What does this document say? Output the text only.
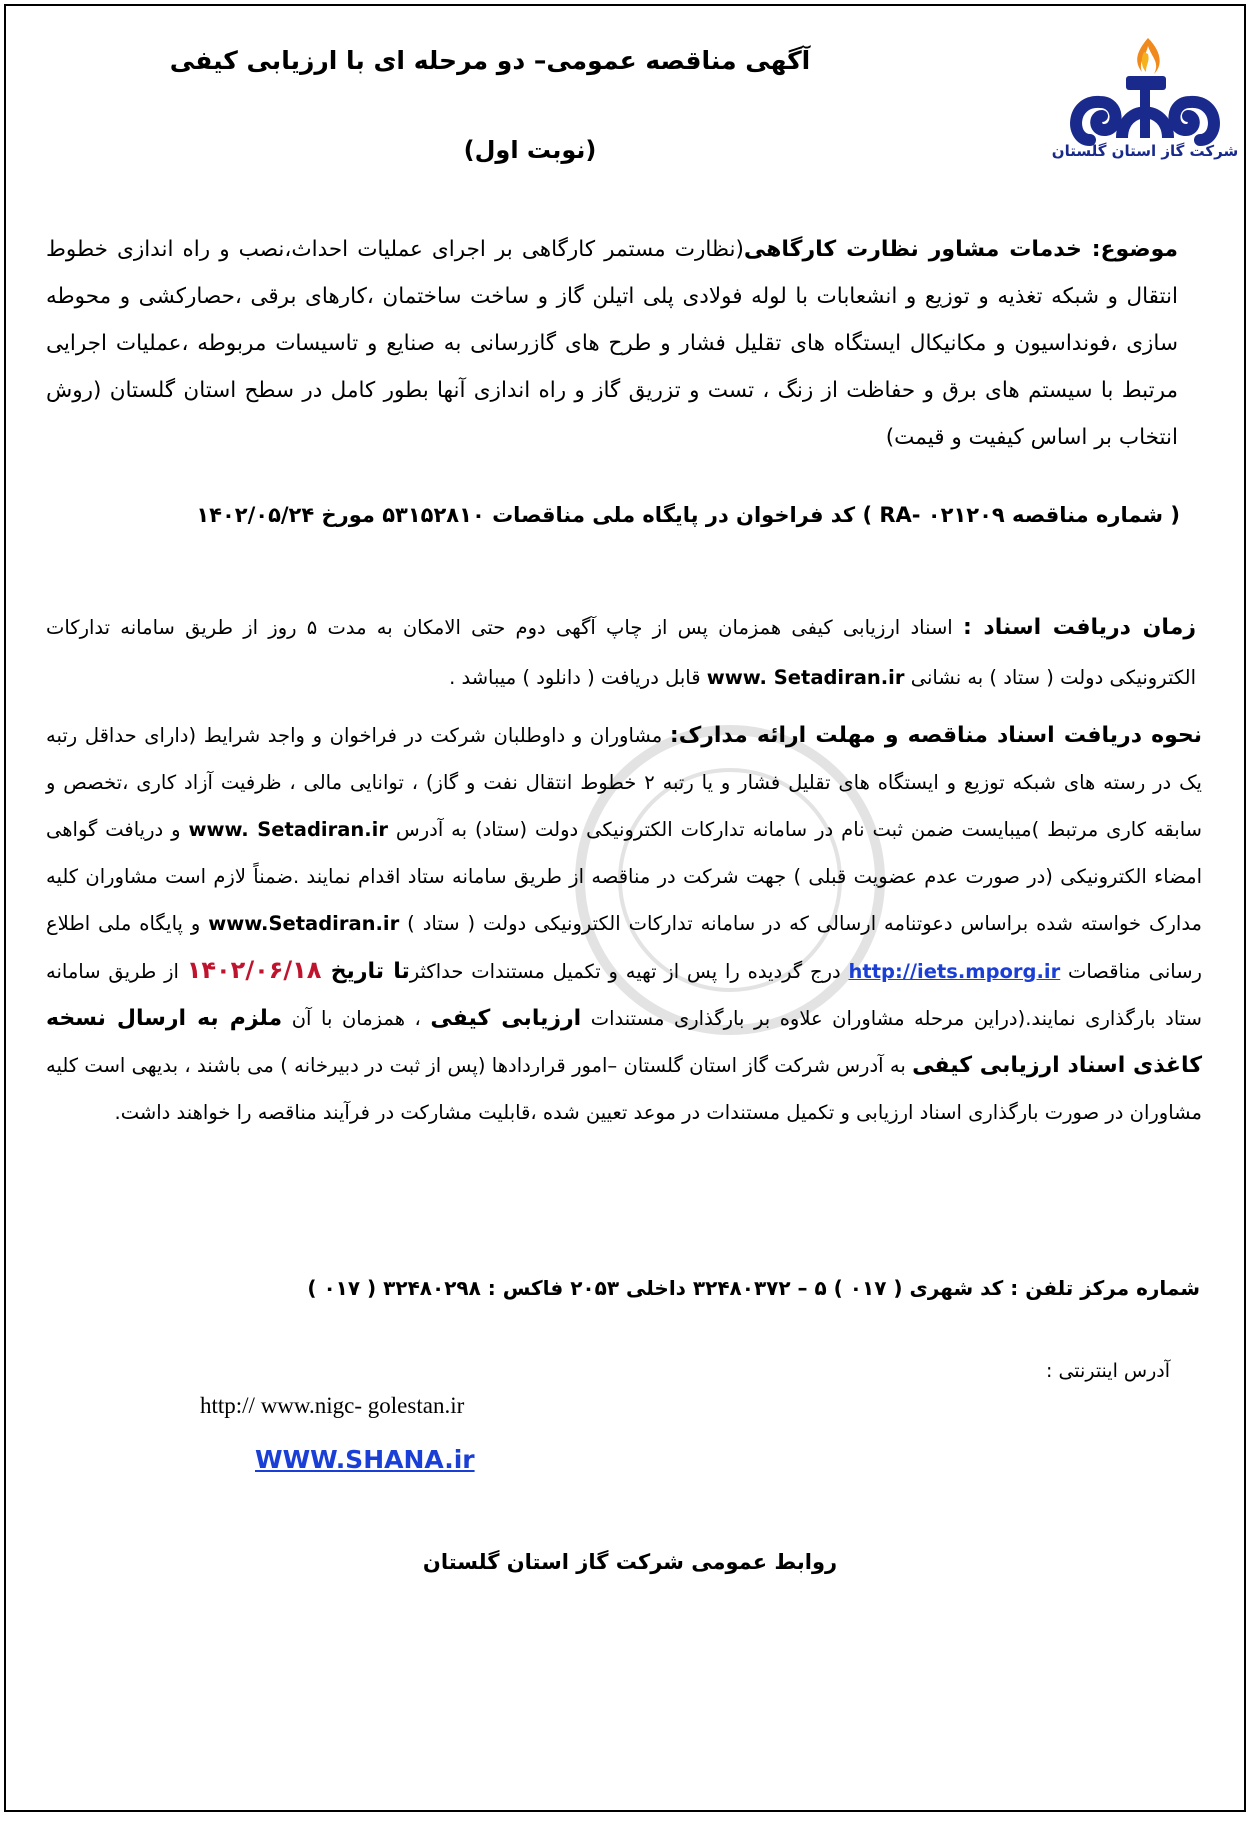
شرکت گاز استان گلستان
آگهی مناقصه عمومی– دو مرحله ای با ارزیابی کیفی
(نوبت اول)
موضوع: خدمات مشاور نظارت کارگاهی(نظارت مستمر کارگاهی بر اجرای عملیات احداث،نصب و راه اندازی خطوط انتقال و شبکه تغذیه و توزیع و انشعابات با لوله فولادی پلی اتیلن گاز و ساخت ساختمان ،کارهای برقی ،حصارکشی و محوطه سازی ،فونداسیون و مکانیکال ایستگاه های تقلیل فشار و طرح های گازرسانی به صنایع و تاسیسات مربوطه ،عملیات اجرایی مرتبط با سیستم های برق و حفاظت از زنگ ، تست و تزریق گاز و راه اندازی آنها بطور کامل در سطح استان گلستان (روش انتخاب بر اساس کیفیت و قیمت)
( شماره مناقصه RA- ۰۲۱۲۰۹ ) کد فراخوان در پایگاه ملی مناقصات ۵۳۱۵۲۸۱۰ مورخ ۱۴۰۲/۰۵/۲۴
زمان دریافت اسناد : اسناد ارزیابی کیفی همزمان پس از چاپ آگهی دوم حتی الامکان به مدت ۵ روز از طریق سامانه تدارکات الکترونیکی دولت ( ستاد ) به نشانی www. Setadiran.ir قابل دریافت ( دانلود ) میباشد .
نحوه دریافت اسناد مناقصه و مهلت ارائه مدارک: مشاوران و داوطلبان شرکت در فراخوان و واجد شرایط (دارای حداقل رتبه یک در رسته های شبکه توزیع و ایستگاه های تقلیل فشار و یا رتبه ۲ خطوط انتقال نفت و گاز) ، توانایی مالی ، ظرفیت آزاد کاری ،تخصص و سابقه کاری مرتبط )میبایست ضمن ثبت نام در سامانه تدارکات الکترونیکی دولت (ستاد) به آدرس www. Setadiran.ir و دریافت گواهی امضاء الکترونیکی (در صورت عدم عضویت قبلی ) جهت شرکت در مناقصه از طریق سامانه ستاد اقدام نمایند .ضمناً لازم است مشاوران کلیه مدارک خواسته شده براساس دعوتنامه ارسالی که در سامانه تدارکات الکترونیکی دولت ( ستاد ) www.Setadiran.ir و پایگاه ملی اطلاع رسانی مناقصات http://iets.mporg.ir درج گردیده را پس از تهیه و تکمیل مستندات حداکثرتا تاریخ ۱۴۰۲/۰۶/۱۸ از طریق سامانه ستاد بارگذاری نمایند.(دراین مرحله مشاوران علاوه بر بارگذاری مستندات ارزیابی کیفی ، همزمان با آن ملزم به ارسال نسخه کاغذی اسناد ارزیابی کیفی به آدرس شرکت گاز استان گلستان –امور قراردادها (پس از ثبت در دبیرخانه ) می باشند ، بدیهی است کلیه مشاوران در صورت بارگذاری اسناد ارزیابی و تکمیل مستندات در موعد تعیین شده ،قابلیت مشارکت در فرآیند مناقصه را خواهند داشت.
شماره مرکز تلفن : کد شهری ( ۰۱۷ ) ۵ – ۳۲۴۸۰۳۷۲ داخلی ۲۰۵۳ فاکس : ۳۲۴۸۰۲۹۸ ( ۰۱۷ )
آدرس اینترنتی :
http:// www.nigc- golestan.ir
WWW.SHANA.ir
روابط عمومی شرکت گاز استان گلستان
